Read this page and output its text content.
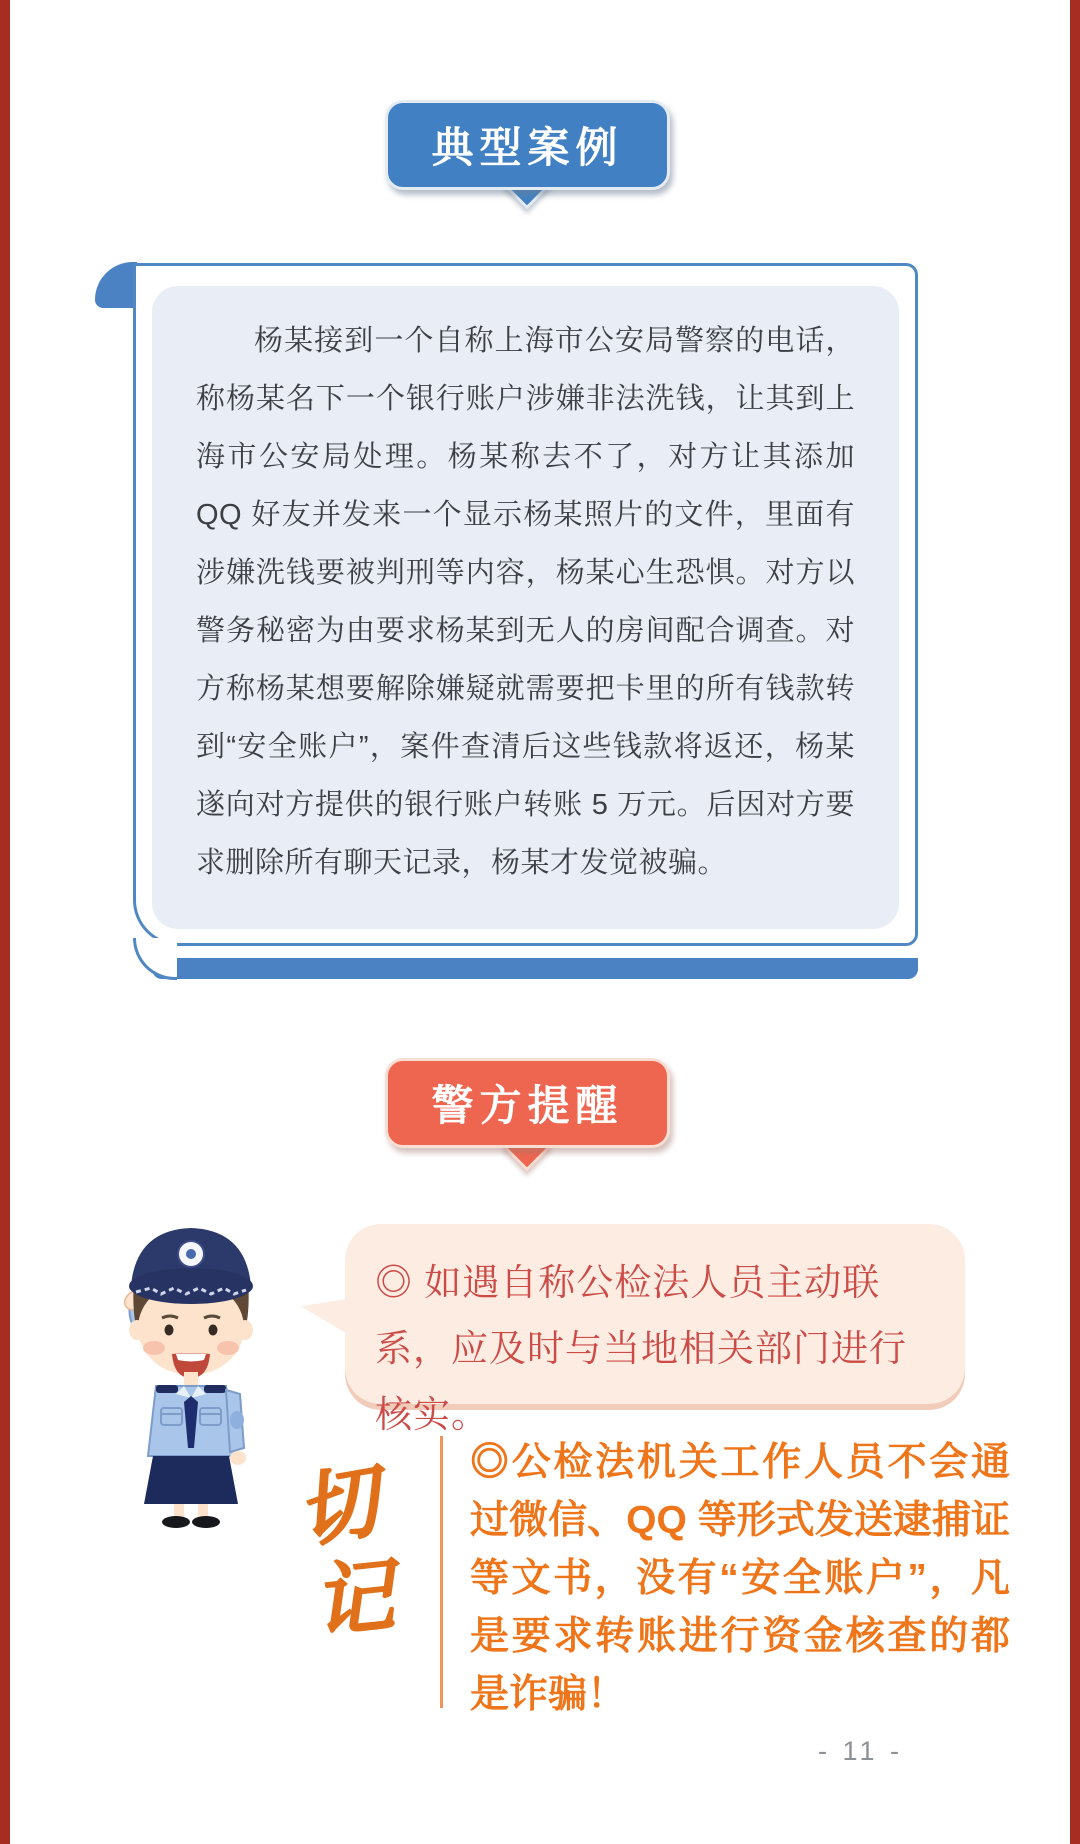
典型案例

杨某接到一个自称上海市公安局警察的电话，称杨某名下一个银行账户涉嫌非法洗钱，让其到上海市公安局处理。杨某称去不了，对方让其添加 QQ 好友并发来一个显示杨某照片的文件，里面有涉嫌洗钱要被判刑等内容，杨某心生恐惧。对方以警务秘密为由要求杨某到无人的房间配合调查。对方称杨某想要解除嫌疑就需要把卡里的所有钱款转到“安全账户”，案件查清后这些钱款将返还，杨某遂向对方提供的银行账户转账 5 万元。后因对方要求删除所有聊天记录，杨某才发觉被骗。

警方提醒

◎ 如遇自称公检法人员主动联系，应及时与当地相关部门进行核实。

切
记

◎公检法机关工作人员不会通过微信、QQ 等形式发送逮捕证等文书，没有“安全账户”，凡是要求转账进行资金核查的都是诈骗！

- 11 -
